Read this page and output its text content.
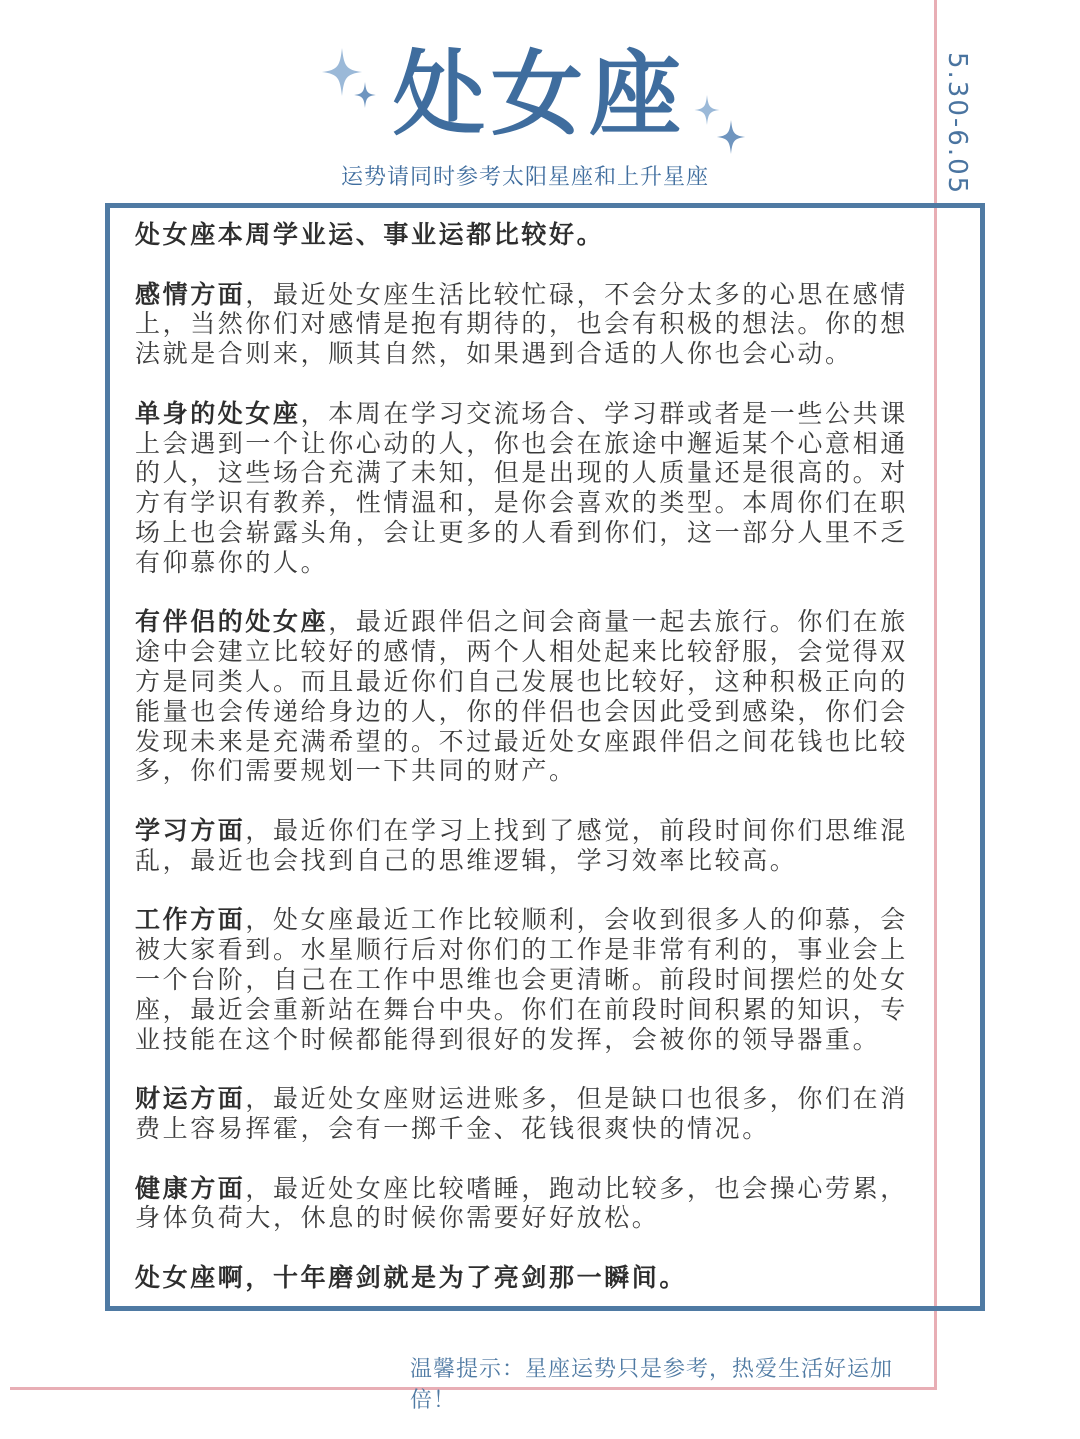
5.30-6.05
处女座
运势请同时参考太阳星座和上升星座

处女座本周学业运、事业运都比较好。

感情方面，最近处女座生活比较忙碌，不会分太多的心思在感情上，当然你们对感情是抱有期待的，也会有积极的想法。你的想法就是合则来，顺其自然，如果遇到合适的人你也会心动。

单身的处女座，本周在学习交流场合、学习群或者是一些公共课上会遇到一个让你心动的人，你也会在旅途中邂逅某个心意相通的人，这些场合充满了未知，但是出现的人质量还是很高的。对方有学识有教养，性情温和，是你会喜欢的类型。本周你们在职场上也会崭露头角，会让更多的人看到你们，这一部分人里不乏有仰慕你的人。

有伴侣的处女座，最近跟伴侣之间会商量一起去旅行。你们在旅途中会建立比较好的感情，两个人相处起来比较舒服，会觉得双方是同类人。而且最近你们自己发展也比较好，这种积极正向的能量也会传递给身边的人，你的伴侣也会因此受到感染，你们会发现未来是充满希望的。不过最近处女座跟伴侣之间花钱也比较多，你们需要规划一下共同的财产。

学习方面，最近你们在学习上找到了感觉，前段时间你们思维混乱，最近也会找到自己的思维逻辑，学习效率比较高。

工作方面，处女座最近工作比较顺利，会收到很多人的仰慕，会被大家看到。水星顺行后对你们的工作是非常有利的，事业会上一个台阶，自己在工作中思维也会更清晰。前段时间摆烂的处女座，最近会重新站在舞台中央。你们在前段时间积累的知识，专业技能在这个时候都能得到很好的发挥，会被你的领导器重。

财运方面，最近处女座财运进账多，但是缺口也很多，你们在消费上容易挥霍，会有一掷千金、花钱很爽快的情况。

健康方面，最近处女座比较嗜睡，跑动比较多，也会操心劳累，身体负荷大，休息的时候你需要好好放松。

处女座啊，十年磨剑就是为了亮剑那一瞬间。

温馨提示：星座运势只是参考，热爱生活好运加倍！
